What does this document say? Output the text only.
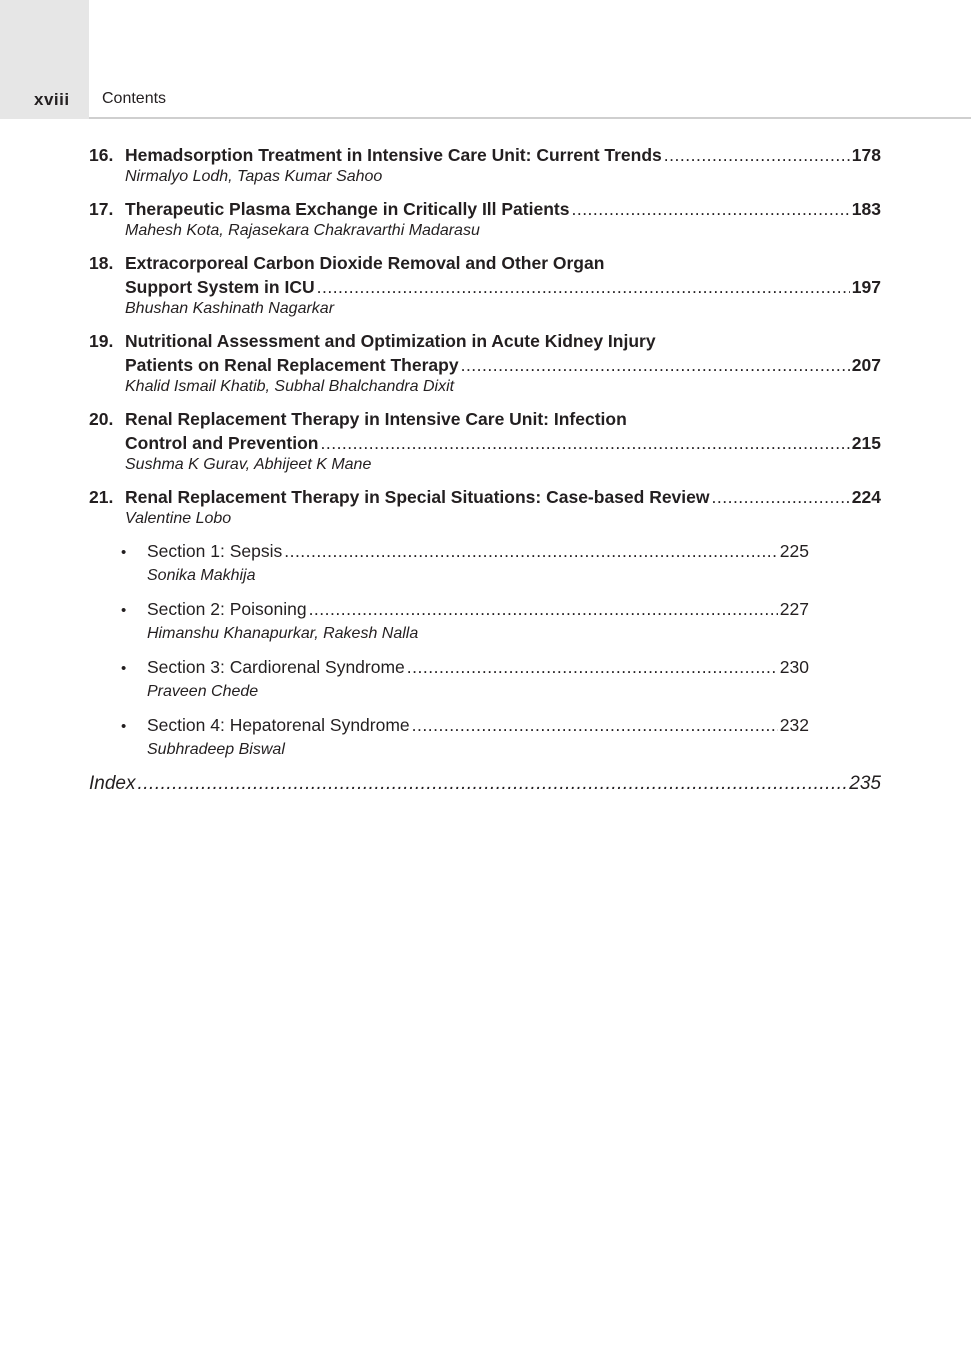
xviii Contents
16. Hemadsorption Treatment in Intensive Care Unit: Current Trends .....	178
Nirmalyo Lodh, Tapas Kumar Sahoo
17. Therapeutic Plasma Exchange in Critically Ill Patients .....	183
Mahesh Kota, Rajasekara Chakravarthi Madarasu
18. Extracorporeal Carbon Dioxide Removal and Other Organ
Support System in ICU .....	197
Bhushan Kashinath Nagarkar
19. Nutritional Assessment and Optimization in Acute Kidney Injury
Patients on Renal Replacement Therapy .....	207
Khalid Ismail Khatib, Subhal Bhalchandra Dixit
20. Renal Replacement Therapy in Intensive Care Unit: Infection
Control and Prevention .....	215
Sushma K Gurav, Abhijeet K Mane
21. Renal Replacement Therapy in Special Situations: Case-based Review .....	224
Valentine Lobo
•	Section 1: Sepsis .....	225
Sonika Makhija
•	Section 2: Poisoning .....	227
Himanshu Khanapurkar, Rakesh Nalla
•	Section 3: Cardiorenal Syndrome .....	230
Praveen Chede
•	Section 4: Hepatorenal Syndrome .....	232
Subhradeep Biswal
Index .....	235
